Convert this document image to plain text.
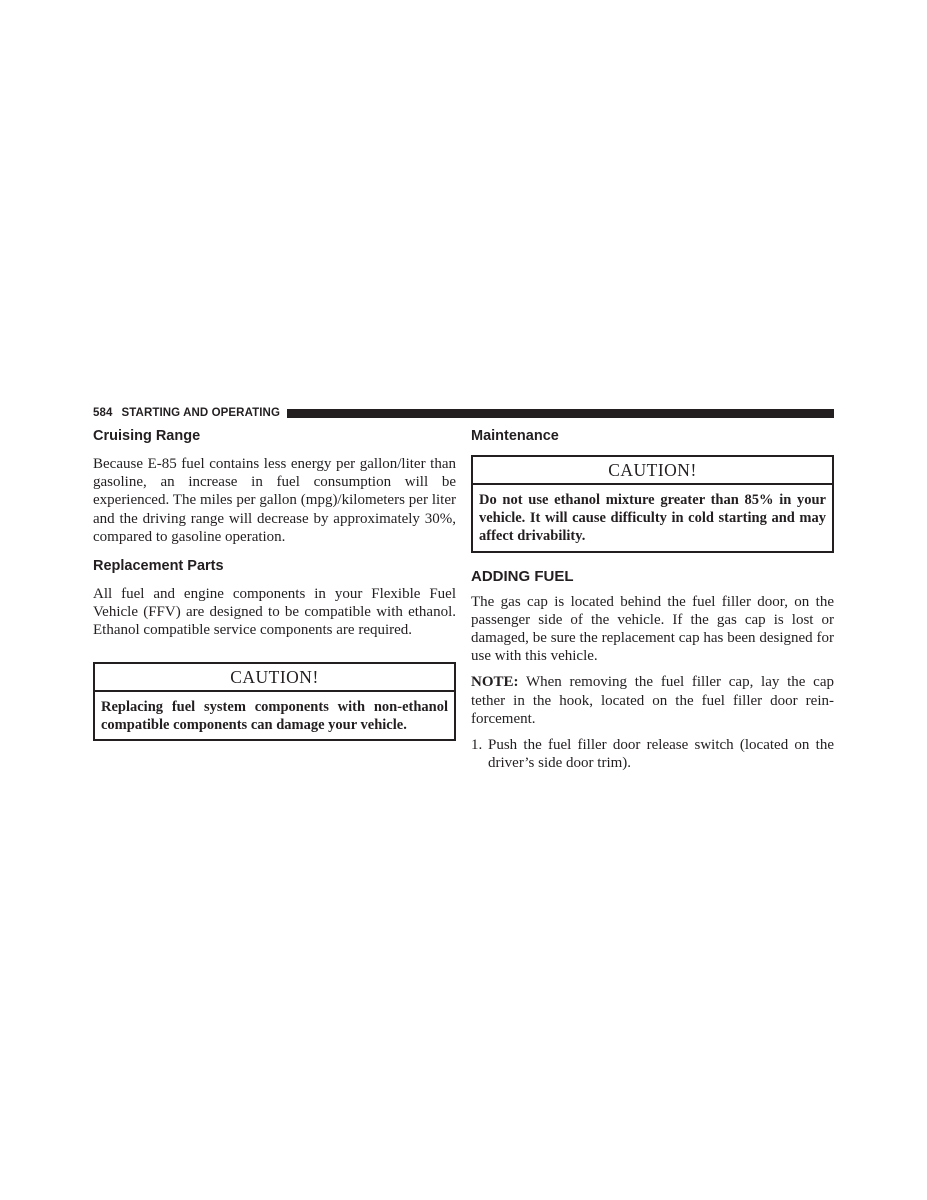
584 STARTING AND OPERATING
Cruising Range

Because E-85 fuel contains less energy per gallon/liter than gasoline, an increase in fuel consumption will be experienced. The miles per gallon (mpg)/kilometers per liter and the driving range will decrease by approximately 30%, compared to gasoline operation.

Replacement Parts

All fuel and engine components in your Flexible Fuel Vehicle (FFV) are designed to be compatible with ethanol. Ethanol compatible service components are required.

CAUTION!
Replacing fuel system components with non-ethanol compatible components can damage your vehicle.
Maintenance
CAUTION!
Do not use ethanol mixture greater than 85% in your vehicle. It will cause difficulty in cold starting and may affect drivability.
ADDING FUEL

The gas cap is located behind the fuel filler door, on the passenger side of the vehicle. If the gas cap is lost or damaged, be sure the replacement cap has been designed for use with this vehicle.

NOTE: When removing the fuel filler cap, lay the cap tether in the hook, located on the fuel filler door reinforcement.

1. Push the fuel filler door release switch (located on the driver’s side door trim).
